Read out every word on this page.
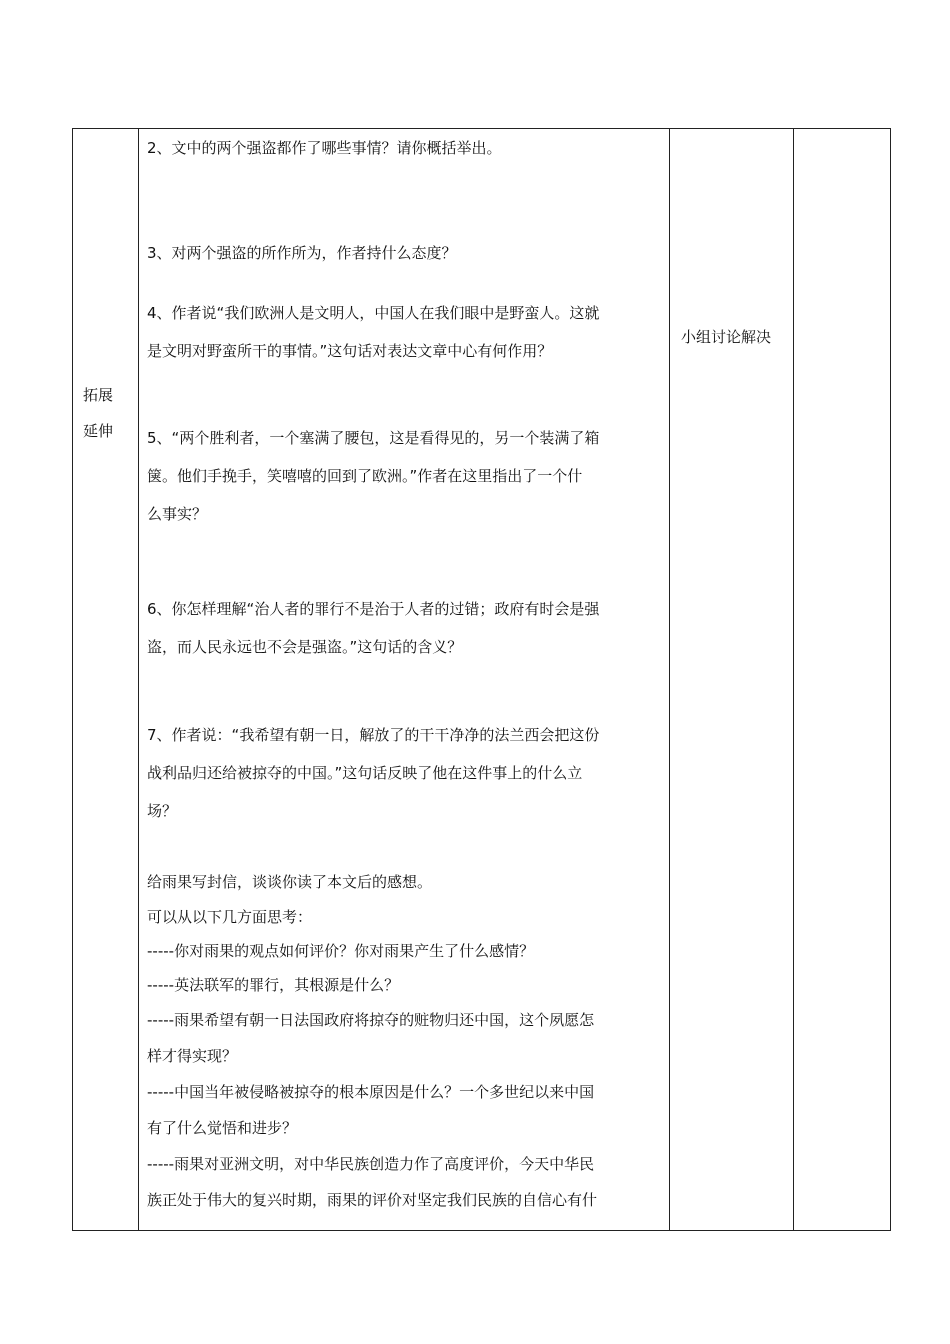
拓展
延伸
小组讨论解决
2、文中的两个强盗都作了哪些事情？请你概括举出。
3、对两个强盗的所作所为，作者持什么态度？
4、作者说“我们欧洲人是文明人，中国人在我们眼中是野蛮人。这就
是文明对野蛮所干的事情。”这句话对表达文章中心有何作用？
5、“两个胜利者，一个塞满了腰包，这是看得见的，另一个装满了箱
箧。他们手挽手，笑嘻嘻的回到了欧洲。”作者在这里指出了一个什
么事实？
6、你怎样理解“治人者的罪行不是治于人者的过错；政府有时会是强
盗，而人民永远也不会是强盗。”这句话的含义？
7、作者说：“我希望有朝一日，解放了的干干净净的法兰西会把这份
战利品归还给被掠夺的中国。”这句话反映了他在这件事上的什么立
场？
给雨果写封信，谈谈你读了本文后的感想。
可以从以下几方面思考：
-----你对雨果的观点如何评价？你对雨果产生了什么感情？
-----英法联军的罪行，其根源是什么？
-----雨果希望有朝一日法国政府将掠夺的赃物归还中国，这个夙愿怎
样才得实现？
-----中国当年被侵略被掠夺的根本原因是什么？一个多世纪以来中国
有了什么觉悟和进步？
-----雨果对亚洲文明，对中华民族创造力作了高度评价，今天中华民
族正处于伟大的复兴时期，雨果的评价对坚定我们民族的自信心有什
